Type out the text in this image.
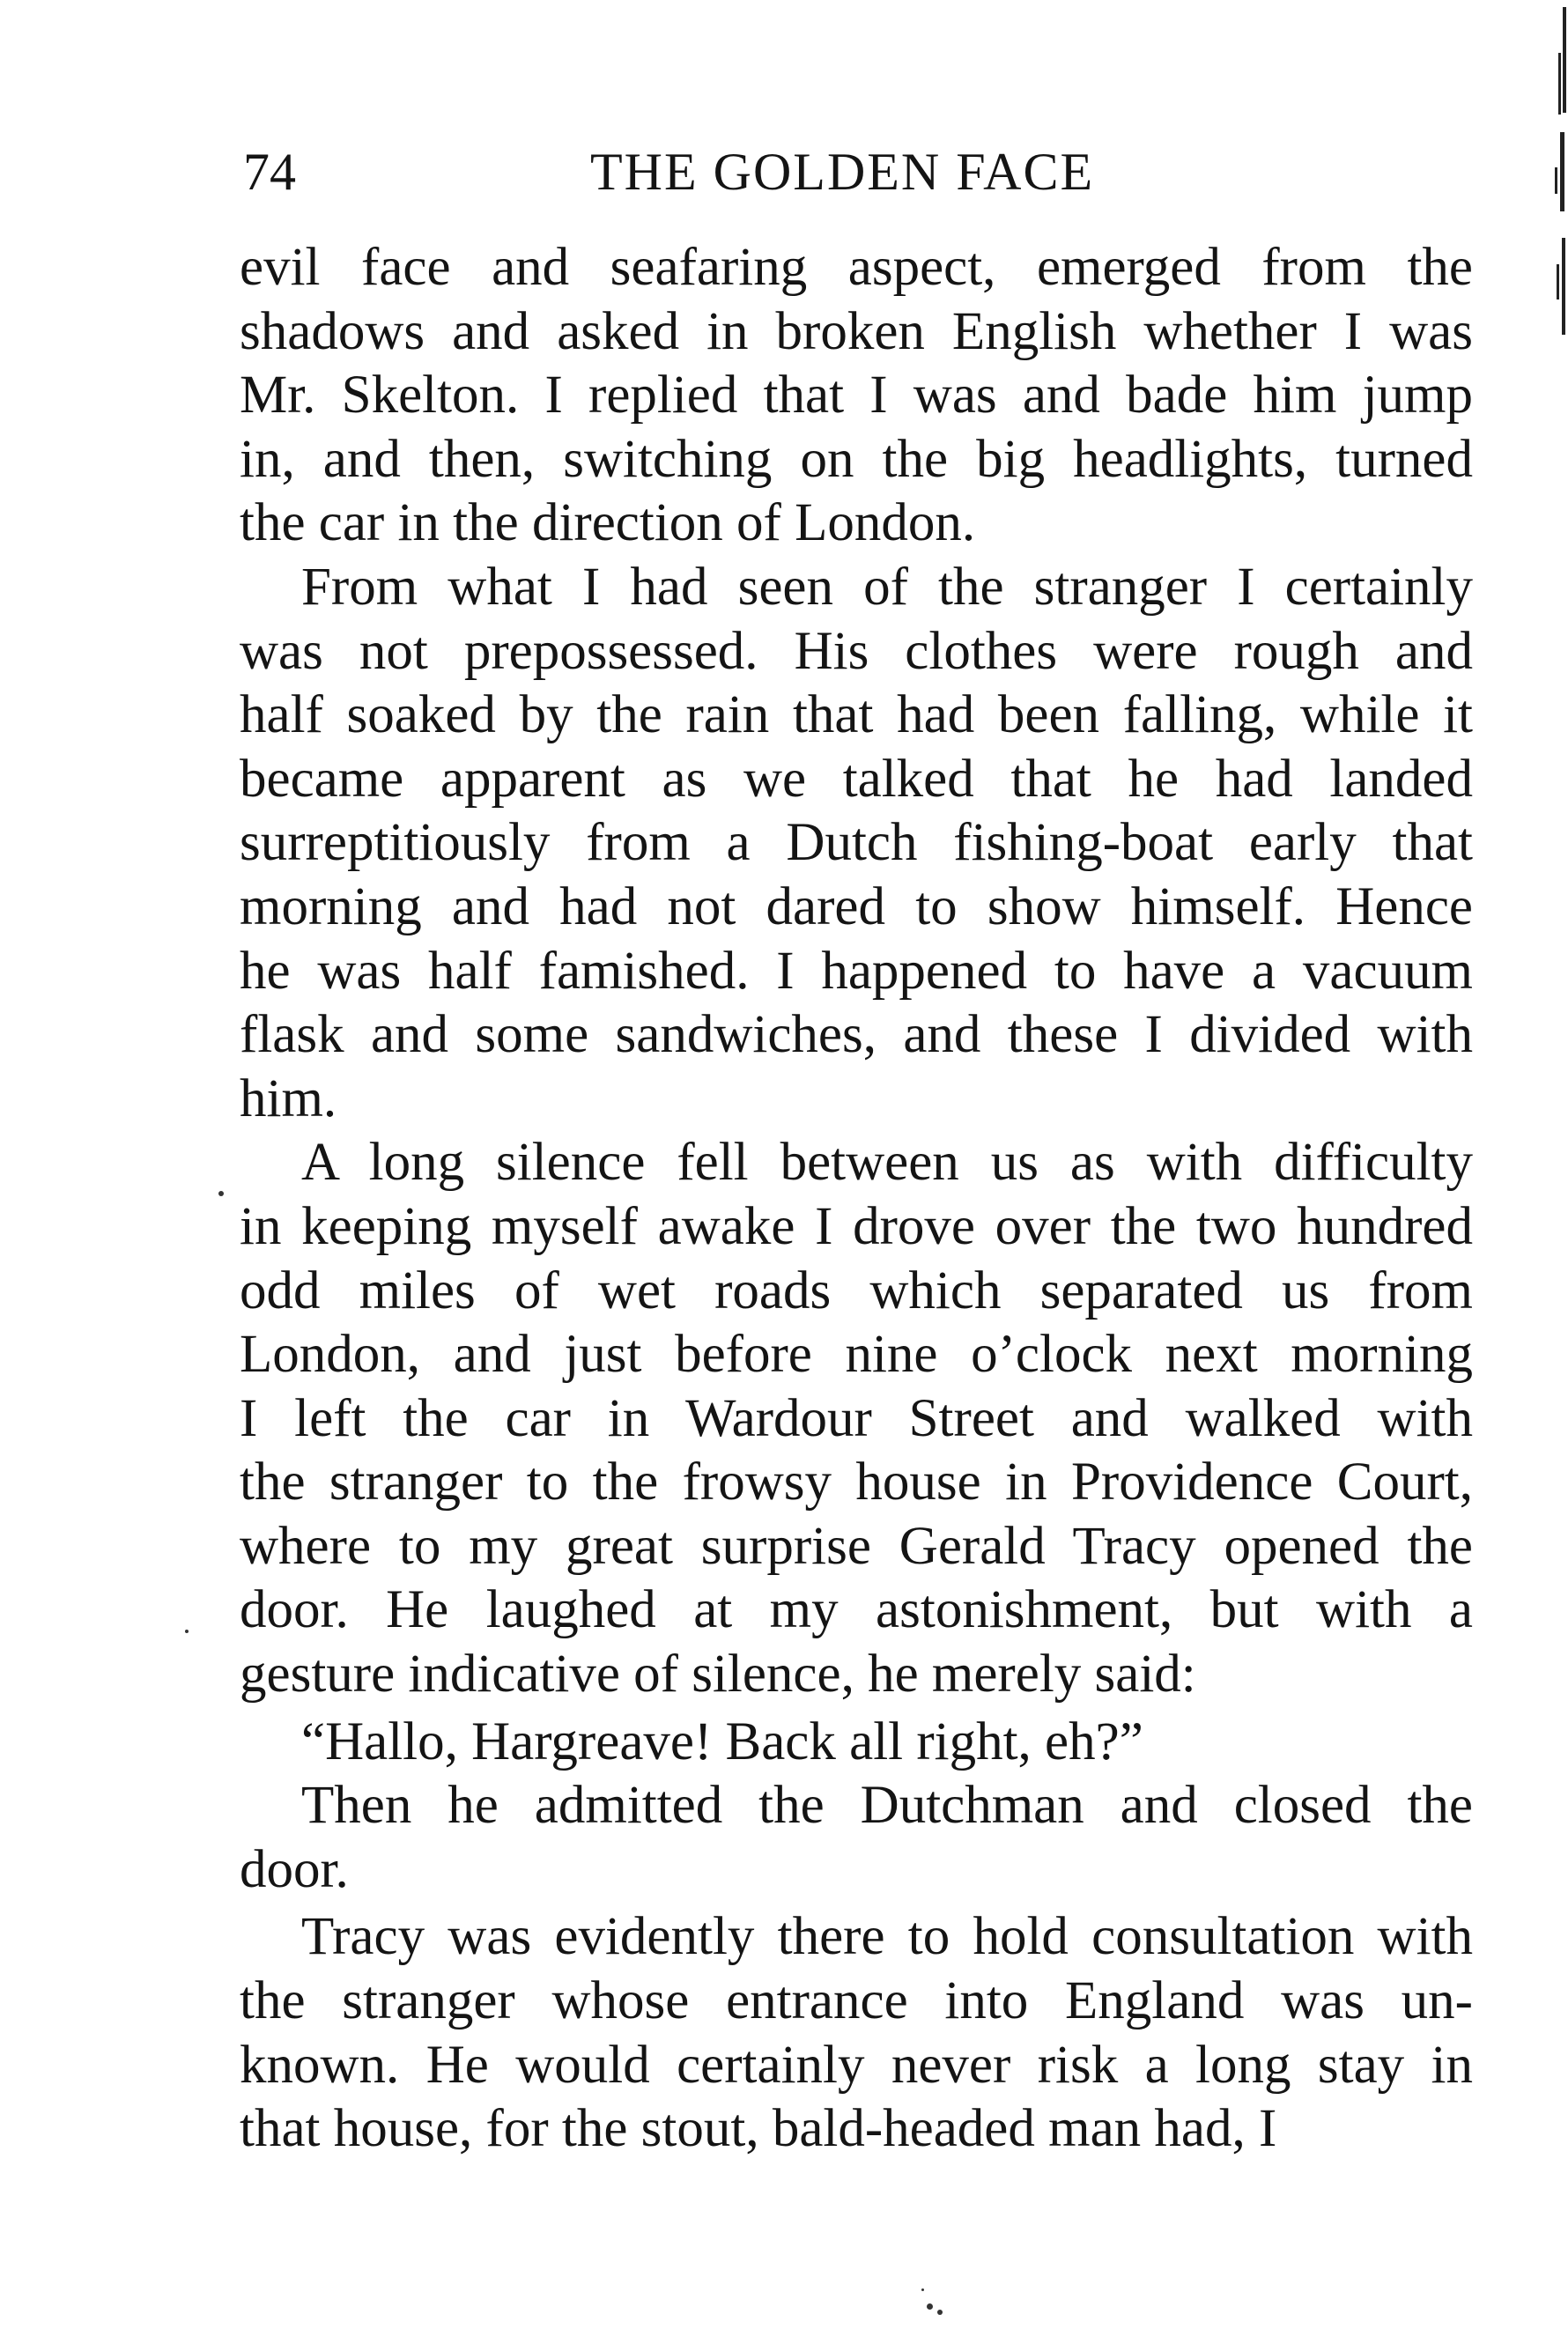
74	THE GOLDEN FACE
evil face and seafaring aspect, emerged from the
shadows and asked in broken English whether I was
Mr. Skelton. I replied that I was and bade him jump
in, and then, switching on the big headlights, turned
the car in the direction of London.
From what I had seen of the stranger I certainly
was not prepossessed. His clothes were rough and
half soaked by the rain that had been falling, while it
became apparent as we talked that he had landed
surreptitiously from a Dutch fishing-boat early that
morning and had not dared to show himself. Hence
he was half famished. I happened to have a vacuum
flask and some sandwiches, and these I divided with
him.
A long silence fell between us as with difficulty
in keeping myself awake I drove over the two hundred
odd miles of wet roads which separated us from
London, and just before nine o’clock next morning
I left the car in Wardour Street and walked with
the stranger to the frowsy house in Providence Court,
where to my great surprise Gerald Tracy opened the
door. He laughed at my astonishment, but with a
gesture indicative of silence, he merely said:
“Hallo, Hargreave! Back all right, eh?”
Then he admitted the Dutchman and closed the
door.
Tracy was evidently there to hold consultation with
the stranger whose entrance into England was un-
known. He would certainly never risk a long stay in
that house, for the stout, bald-headed man had, I
